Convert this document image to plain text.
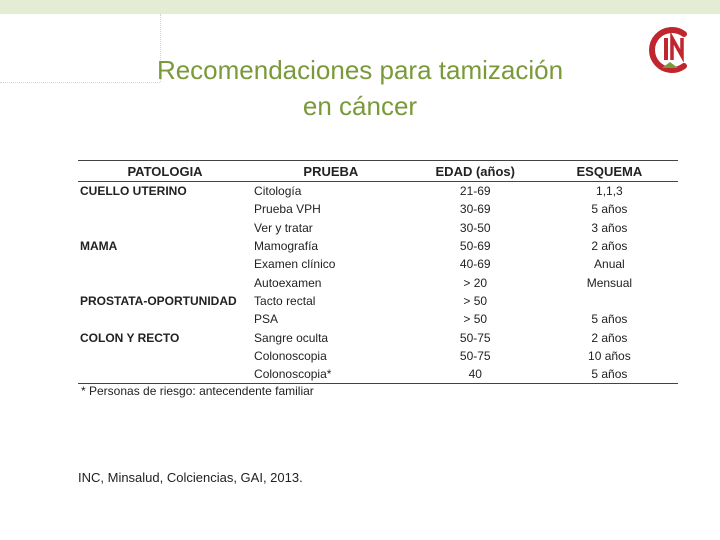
Recomendaciones para tamización
en cáncer
PATOLOGIA	PRUEBA	EDAD (años)	ESQUEMA
CUELLO UTERINO	Citología	21-69	1,1,3
	Prueba VPH	30-69	5 años
	Ver y tratar	30-50	3 años
MAMA	Mamografía	50-69	2 años
	Examen clínico	40-69	Anual
	Autoexamen	> 20	Mensual
PROSTATA-OPORTUNIDAD	Tacto rectal	> 50	
	PSA	> 50	5 años
COLON Y RECTO	Sangre oculta	50-75	2 años
	Colonoscopia	50-75	10 años
	Colonoscopia*	40	5 años
* Personas de riesgo: antecendente familiar
INC, Minsalud, Colciencias, GAI, 2013.
